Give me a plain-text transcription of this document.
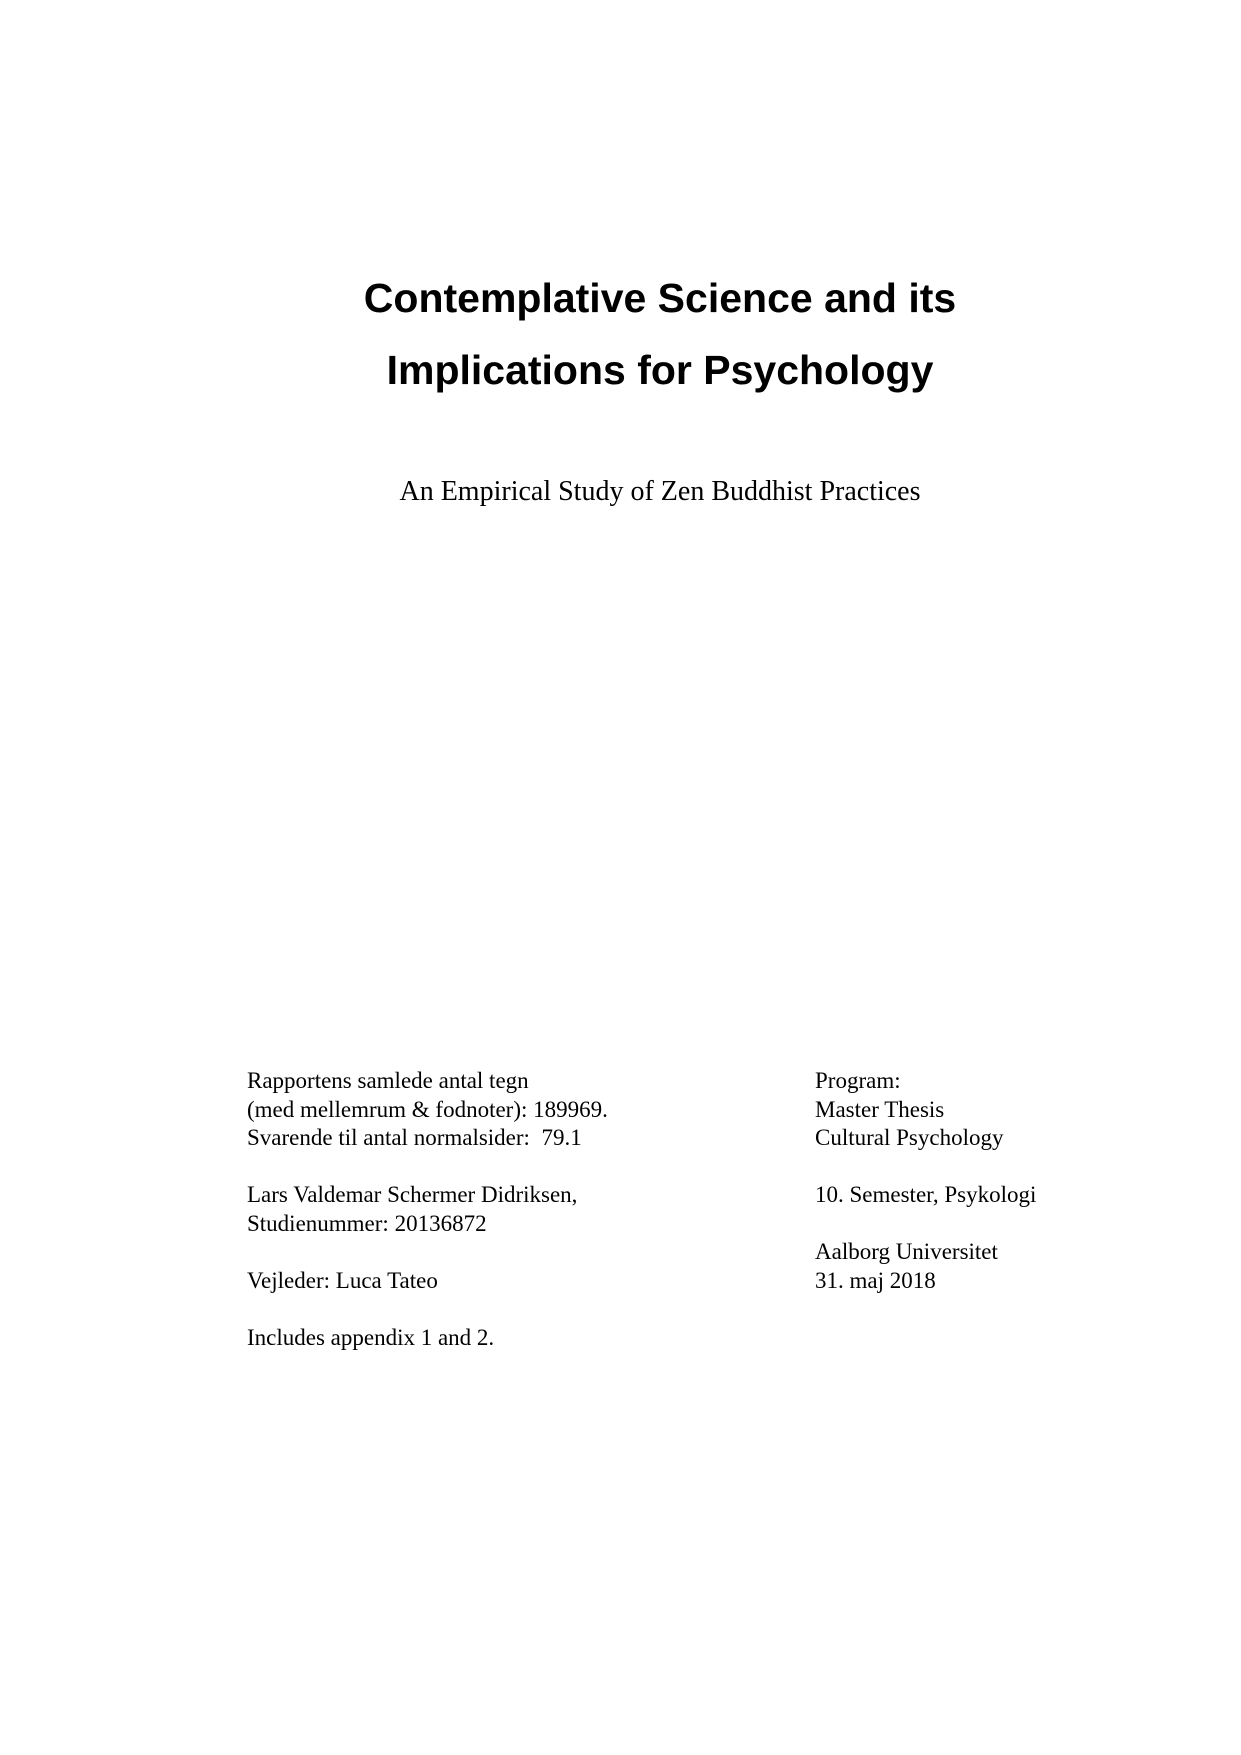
Contemplative Science and its

Implications for Psychology

An Empirical Study of Zen Buddhist Practices
Rapportens samlede antal tegn
(med mellemrum & fodnoter): 189969.
Svarende til antal normalsider:  79.1
Lars Valdemar Schermer Didriksen,
Studienummer: 20136872
Vejleder: Luca Tateo
Includes appendix 1 and 2.
Program:
Master Thesis
Cultural Psychology
10. Semester, Psykologi
Aalborg Universitet
31. maj 2018
